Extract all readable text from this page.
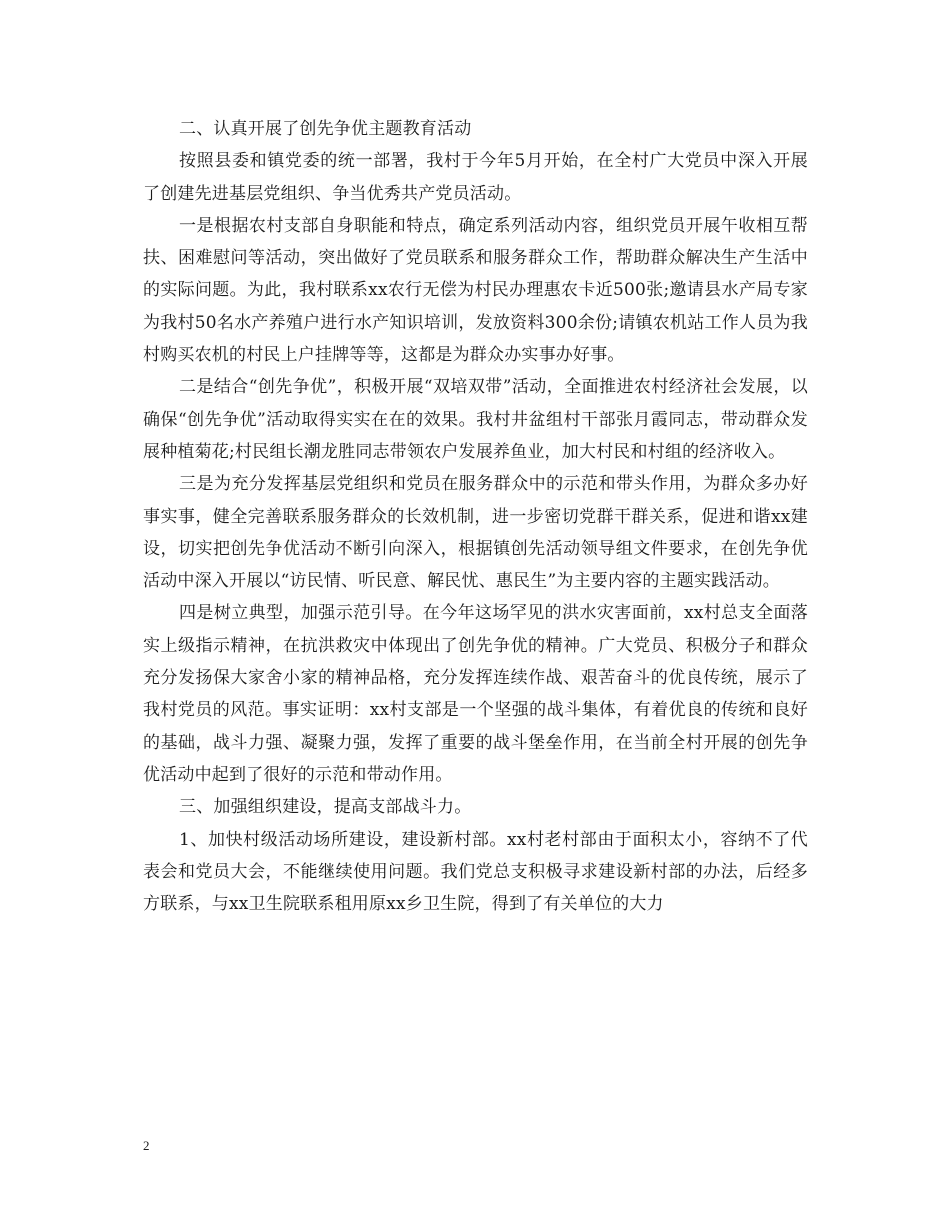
二、认真开展了创先争优主题教育活动

按照县委和镇党委的统一部署，我村于今年5月开始，在全村广大党员中深入开展了创建先进基层党组织、争当优秀共产党员活动。

一是根据农村支部自身职能和特点，确定系列活动内容，组织党员开展午收相互帮扶、困难慰问等活动，突出做好了党员联系和服务群众工作，帮助群众解决生产生活中的实际问题。为此，我村联系xx农行无偿为村民办理惠农卡近500张;邀请县水产局专家为我村50名水产养殖户进行水产知识培训，发放资料300余份;请镇农机站工作人员为我村购买农机的村民上户挂牌等等，这都是为群众办实事办好事。

二是结合“创先争优”，积极开展“双培双带”活动，全面推进农村经济社会发展，以确保“创先争优”活动取得实实在在的效果。我村井盆组村干部张月霞同志，带动群众发展种植菊花;村民组长潮龙胜同志带领农户发展养鱼业，加大村民和村组的经济收入。

三是为充分发挥基层党组织和党员在服务群众中的示范和带头作用，为群众多办好事实事，健全完善联系服务群众的长效机制，进一步密切党群干群关系，促进和谐xx建设，切实把创先争优活动不断引向深入，根据镇创先活动领导组文件要求，在创先争优活动中深入开展以“访民情、听民意、解民忧、惠民生”为主要内容的主题实践活动。

四是树立典型，加强示范引导。在今年这场罕见的洪水灾害面前，xx村总支全面落实上级指示精神，在抗洪救灾中体现出了创先争优的精神。广大党员、积极分子和群众充分发扬保大家舍小家的精神品格，充分发挥连续作战、艰苦奋斗的优良传统，展示了我村党员的风范。事实证明：xx村支部是一个坚强的战斗集体，有着优良的传统和良好的基础，战斗力强、凝聚力强，发挥了重要的战斗堡垒作用，在当前全村开展的创先争优活动中起到了很好的示范和带动作用。

三、加强组织建设，提高支部战斗力。

1、加快村级活动场所建设，建设新村部。xx村老村部由于面积太小，容纳不了代表会和党员大会，不能继续使用问题。我们党总支积极寻求建设新村部的办法，后经多方联系，与xx卫生院联系租用原xx乡卫生院，得到了有关单位的大力

2
